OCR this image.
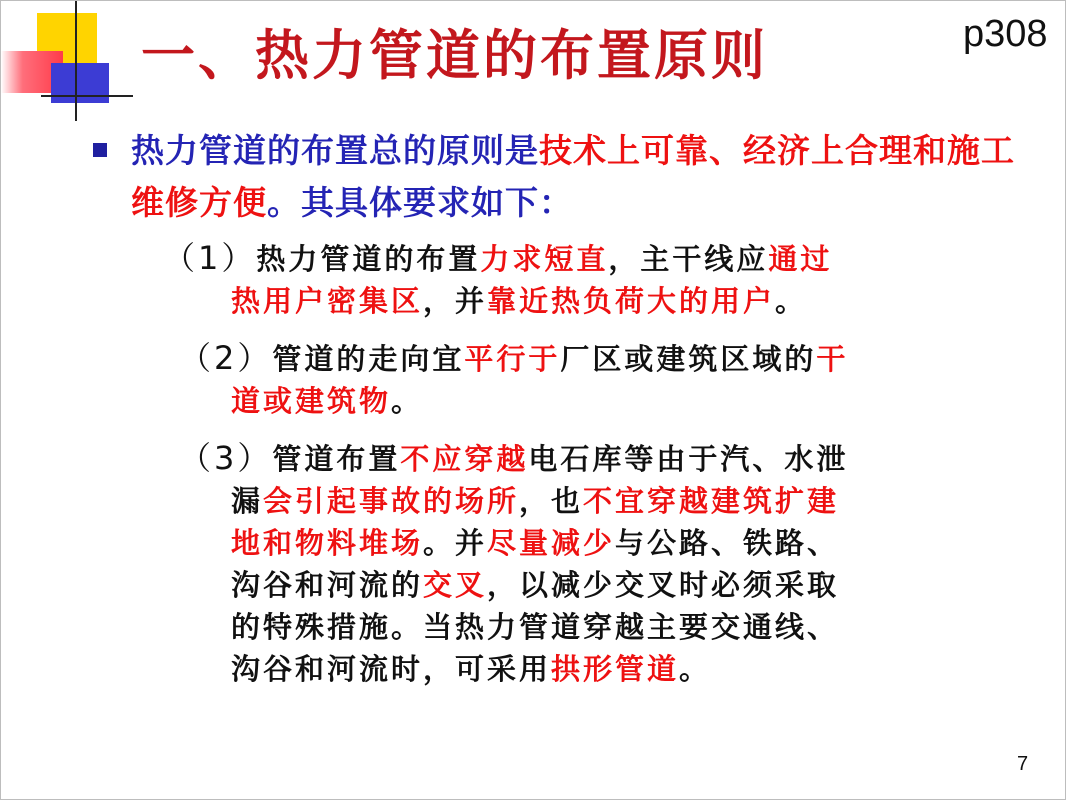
一、热力管道的布置原则	p308

热力管道的布置总的原则是技术上可靠、经济上合理和施工维修方便。其具体要求如下：

（1）热力管道的布置力求短直，主干线应通过
热用户密集区，并靠近热负荷大的用户。

（2）管道的走向宜平行于厂区或建筑区域的干
道或建筑物。

（3）管道布置不应穿越电石库等由于汽、水泄
漏会引起事故的场所，也不宜穿越建筑扩建
地和物料堆场。并尽量减少与公路、铁路、
沟谷和河流的交叉，以减少交叉时必须采取
的特殊措施。当热力管道穿越主要交通线、
沟谷和河流时，可采用拱形管道。

7
